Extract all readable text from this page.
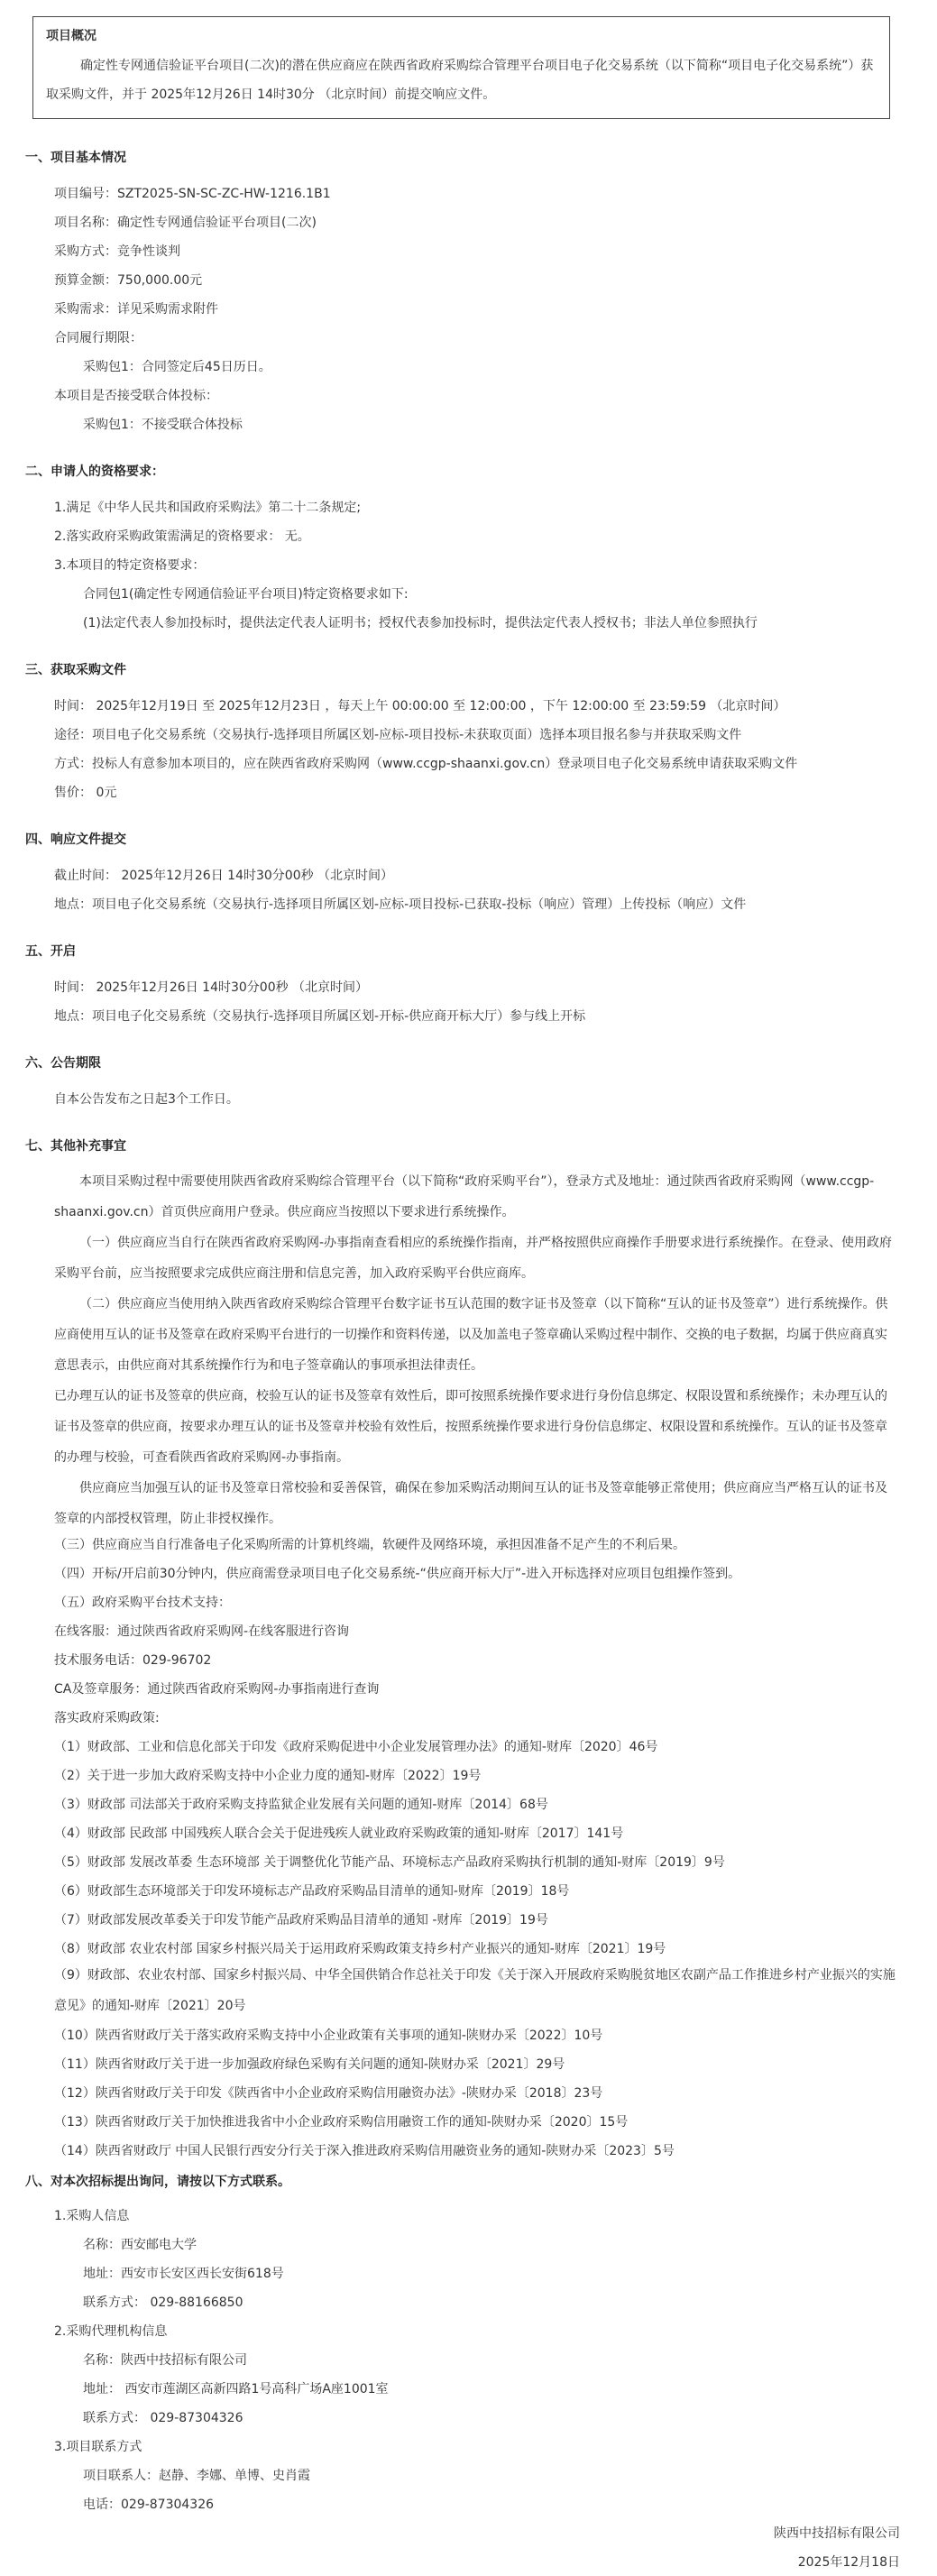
项目概况
确定性专网通信验证平台项目(二次)的潜在供应商应在陕西省政府采购综合管理平台项目电子化交易系统（以下简称“项目电子化交易系统”）获取采购文件，并于 2025年12月26日 14时30分 （北京时间）前提交响应文件。
一、项目基本情况
项目编号：SZT2025-SN-SC-ZC-HW-1216.1B1
项目名称：确定性专网通信验证平台项目(二次)
采购方式：竞争性谈判
预算金额：750,000.00元
采购需求：详见采购需求附件
合同履行期限：
采购包1：合同签定后45日历日。
本项目是否接受联合体投标：
采购包1：不接受联合体投标
二、申请人的资格要求：
1.满足《中华人民共和国政府采购法》第二十二条规定;
2.落实政府采购政策需满足的资格要求： 无。
3.本项目的特定资格要求：
合同包1(确定性专网通信验证平台项目)特定资格要求如下:
(1)法定代表人参加投标时，提供法定代表人证明书；授权代表参加投标时，提供法定代表人授权书；非法人单位参照执行
三、获取采购文件
时间： 2025年12月19日 至 2025年12月23日 ，每天上午 00:00:00 至 12:00:00 ，下午 12:00:00 至 23:59:59 （北京时间）
途径：项目电子化交易系统（交易执行-选择项目所属区划-应标-项目投标-未获取页面）选择本项目报名参与并获取采购文件
方式：投标人有意参加本项目的，应在陕西省政府采购网（www.ccgp-shaanxi.gov.cn）登录项目电子化交易系统申请获取采购文件
售价： 0元
四、响应文件提交
截止时间： 2025年12月26日 14时30分00秒 （北京时间）
地点：项目电子化交易系统（交易执行-选择项目所属区划-应标-项目投标-已获取-投标（响应）管理）上传投标（响应）文件
五、开启
时间： 2025年12月26日 14时30分00秒 （北京时间）
地点：项目电子化交易系统（交易执行-选择项目所属区划-开标-供应商开标大厅）参与线上开标
六、公告期限
自本公告发布之日起3个工作日。
七、其他补充事宜
本项目采购过程中需要使用陕西省政府采购综合管理平台（以下简称“政府采购平台”），登录方式及地址：通过陕西省政府采购网（www.ccgp-shaanxi.gov.cn）首页供应商用户登录。供应商应当按照以下要求进行系统操作。
（一）供应商应当自行在陕西省政府采购网-办事指南查看相应的系统操作指南，并严格按照供应商操作手册要求进行系统操作。在登录、使用政府采购平台前，应当按照要求完成供应商注册和信息完善，加入政府采购平台供应商库。
（二）供应商应当使用纳入陕西省政府采购综合管理平台数字证书互认范围的数字证书及签章（以下简称“互认的证书及签章”）进行系统操作。供应商使用互认的证书及签章在政府采购平台进行的一切操作和资料传递，以及加盖电子签章确认采购过程中制作、交换的电子数据，均属于供应商真实意思表示，由供应商对其系统操作行为和电子签章确认的事项承担法律责任。
已办理互认的证书及签章的供应商，校验互认的证书及签章有效性后，即可按照系统操作要求进行身份信息绑定、权限设置和系统操作；未办理互认的证书及签章的供应商，按要求办理互认的证书及签章并校验有效性后，按照系统操作要求进行身份信息绑定、权限设置和系统操作。互认的证书及签章的办理与校验，可查看陕西省政府采购网-办事指南。
供应商应当加强互认的证书及签章日常校验和妥善保管，确保在参加采购活动期间互认的证书及签章能够正常使用；供应商应当严格互认的证书及签章的内部授权管理，防止非授权操作。
（三）供应商应当自行准备电子化采购所需的计算机终端，软硬件及网络环境，承担因准备不足产生的不利后果。
（四）开标/开启前30分钟内，供应商需登录项目电子化交易系统-“供应商开标大厅”-进入开标选择对应项目包组操作签到。
（五）政府采购平台技术支持：
在线客服：通过陕西省政府采购网-在线客服进行咨询
技术服务电话：029-96702
CA及签章服务：通过陕西省政府采购网-办事指南进行查询
落实政府采购政策:
（1）财政部、工业和信息化部关于印发《政府采购促进中小企业发展管理办法》的通知-财库〔2020〕46号
（2）关于进一步加大政府采购支持中小企业力度的通知-财库〔2022〕19号
（3）财政部 司法部关于政府采购支持监狱企业发展有关问题的通知-财库〔2014〕68号
（4）财政部 民政部 中国残疾人联合会关于促进残疾人就业政府采购政策的通知-财库〔2017〕141号
（5）财政部 发展改革委 生态环境部 关于调整优化节能产品、环境标志产品政府采购执行机制的通知-财库〔2019〕9号
（6）财政部生态环境部关于印发环境标志产品政府采购品目清单的通知-财库〔2019〕18号
（7）财政部发展改革委关于印发节能产品政府采购品目清单的通知 -财库〔2019〕19号
（8）财政部 农业农村部 国家乡村振兴局关于运用政府采购政策支持乡村产业振兴的通知-财库〔2021〕19号
（9）财政部、农业农村部、国家乡村振兴局、中华全国供销合作总社关于印发《关于深入开展政府采购脱贫地区农副产品工作推进乡村产业振兴的实施意见》的通知-财库〔2021〕20号
（10）陕西省财政厅关于落实政府采购支持中小企业政策有关事项的通知-陕财办采〔2022〕10号
（11）陕西省财政厅关于进一步加强政府绿色采购有关问题的通知-陕财办采〔2021〕29号
（12）陕西省财政厅关于印发《陕西省中小企业政府采购信用融资办法》-陕财办采〔2018〕23号
（13）陕西省财政厅关于加快推进我省中小企业政府采购信用融资工作的通知-陕财办采〔2020〕15号
（14）陕西省财政厅 中国人民银行西安分行关于深入推进政府采购信用融资业务的通知-陕财办采〔2023〕5号
八、对本次招标提出询问，请按以下方式联系。
1.采购人信息
名称：西安邮电大学
地址：西安市长安区西长安街618号
联系方式： 029-88166850
2.采购代理机构信息
名称：陕西中技招标有限公司
地址： 西安市莲湖区高新四路1号高科广场A座1001室
联系方式： 029-87304326
3.项目联系方式
项目联系人：赵静、李娜、单博、史肖霞
电话：029-87304326
陕西中技招标有限公司
2025年12月18日
